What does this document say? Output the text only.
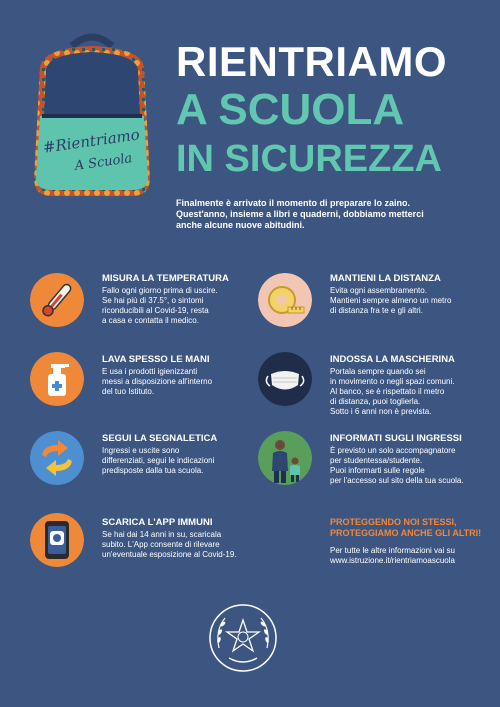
#Rientriamo
A Scuola
RIENTRIAMO
A SCUOLA
IN SICUREZZA
Finalmente è arrivato il momento di preparare lo zaino.
Quest'anno, insieme a libri e quaderni, dobbiamo metterci
anche alcune nuove abitudini.
MISURA LA TEMPERATURA
Fallo ogni giorno prima di uscire.
Se hai più di 37.5°, o sintomi
riconducibili al Covid-19, resta
a casa e contatta il medico.
MANTIENI LA DISTANZA
Evita ogni assembramento.
Mantieni sempre almeno un metro
di distanza fra te e gli altri.
LAVA SPESSO LE MANI
E usa i prodotti igienizzanti
messi a disposizione all'interno
del tuo Istituto.
INDOSSA LA MASCHERINA
Portala sempre quando sei
in movimento o negli spazi comuni.
Al banco, se è rispettato il metro
di distanza, puoi toglierla.
Sotto i 6 anni non è prevista.
SEGUI LA SEGNALETICA
Ingressi e uscite sono
differenziati, segui le indicazioni
predisposte dalla tua scuola.
INFORMATI SUGLI INGRESSI
È previsto un solo accompagnatore
per studentessa/studente.
Puoi informarti sulle regole
per l'accesso sul sito della tua scuola.
SCARICA L'APP IMMUNI
Se hai dai 14 anni in su, scaricala
subito. L'App consente di rilevare
un'eventuale esposizione al Covid-19.
PROTEGGENDO NOI STESSI,
PROTEGGIAMO ANCHE GLI ALTRI!
Per tutte le altre informazioni vai su
www.istruzione.it/rientriamoascuola
